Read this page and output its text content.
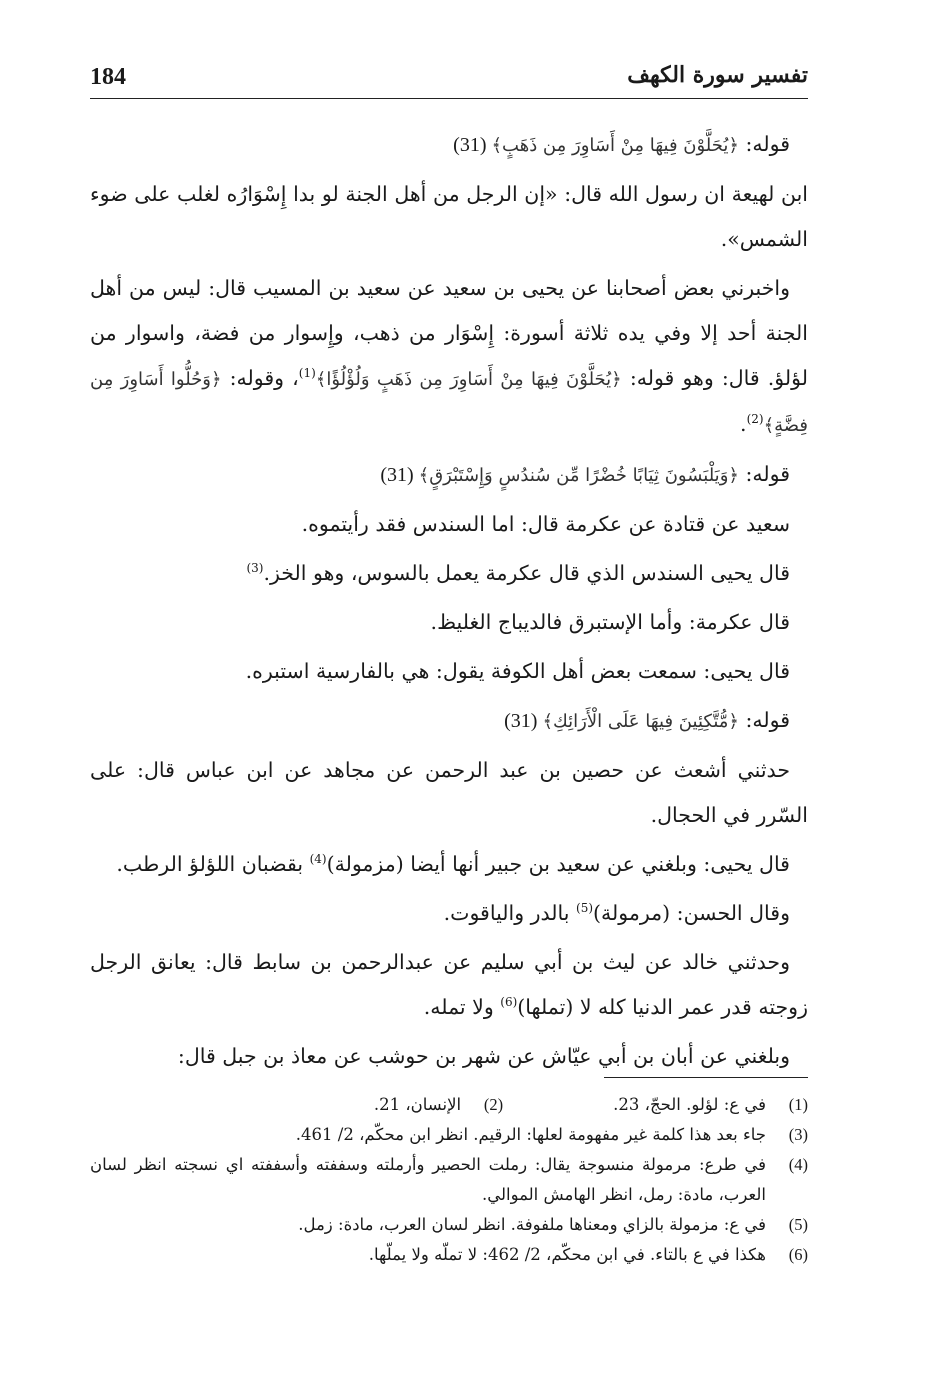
184	تفسير سورة الكهف

قوله: ﴿يُحَلَّوْنَ فِيهَا مِنْ أَسَاوِرَ مِن ذَهَبٍ﴾ (31)

ابن لهيعة ان رسول الله قال: «إن الرجل من أهل الجنة لو بدا إِسْوَارُه لغلب على ضوء الشمس».

واخبرني بعض أصحابنا عن يحيى بن سعيد عن سعيد بن المسيب قال: ليس من أهل الجنة أحد إلا وفي يده ثلاثة أسورة: إِسْوَار من ذهب، وإِسوار من فضة، واسوار من لؤلؤ. قال: وهو قوله: ﴿يُحَلَّوْنَ فِيهَا مِنْ أَسَاوِرَ مِن ذَهَبٍ وَلُؤْلُؤًا﴾$^{(1)}$، وقوله: ﴿وَحُلُّوا أَسَاوِرَ مِن فِضَّةٍ﴾$^{(2)}$.

قوله: ﴿وَيَلْبَسُونَ ثِيَابًا خُضْرًا مِّن سُندُسٍ وَإِسْتَبْرَقٍ﴾ (31)

سعيد عن قتادة عن عكرمة قال: اما السندس فقد رأيتموه.

قال يحيى السندس الذي قال عكرمة يعمل بالسوس، وهو الخز.$^{(3)}$

قال عكرمة: وأما الإستبرق فالديباج الغليظ.

قال يحيى: سمعت بعض أهل الكوفة يقول: هي بالفارسية استبره.

قوله: ﴿مُّتَّكِئِينَ فِيهَا عَلَى الْأَرَائِكِ﴾ (31)

حدثني أشعث عن حصين بن عبد الرحمن عن مجاهد عن ابن عباس قال: على السّرر في الحجال.

قال يحيى: وبلغني عن سعيد بن جبير أنها أيضا (مزمولة)$^{(4)}$ بقضبان اللؤلؤ الرطب.

وقال الحسن: (مرمولة)$^{(5)}$ بالدر والياقوت.

وحدثني خالد عن ليث بن أبي سليم عن عبدالرحمن بن سابط قال: يعانق الرجل زوجته قدر عمر الدنيا كله لا (تملها)$^{(6)}$ ولا تمله.

وبلغني عن أبان بن أبي عيّاش عن شهر بن حوشب عن معاذ بن جبل قال:

(1)
في ع: لؤلو. الحجّ، 23.
(2)
الإنسان، 21.
(3)
جاء بعد هذا كلمة غير مفهومة لعلها: الرقيم. انظر ابن محكّم، 2/ 461.
(4)
في طرع: مرمولة منسوجة يقال: رملت الحصير وأرملته وسففته وأسففته اي نسجته انظر لسان العرب، مادة: رمل، انظر الهامش الموالي.
(5)
في ع: مزمولة بالزاي ومعناها ملفوفة. انظر لسان العرب، مادة: زمل.
(6)
هكذا في ع بالتاء. في ابن محكّم، 2/ 462: لا تملّه ولا يملّها.
